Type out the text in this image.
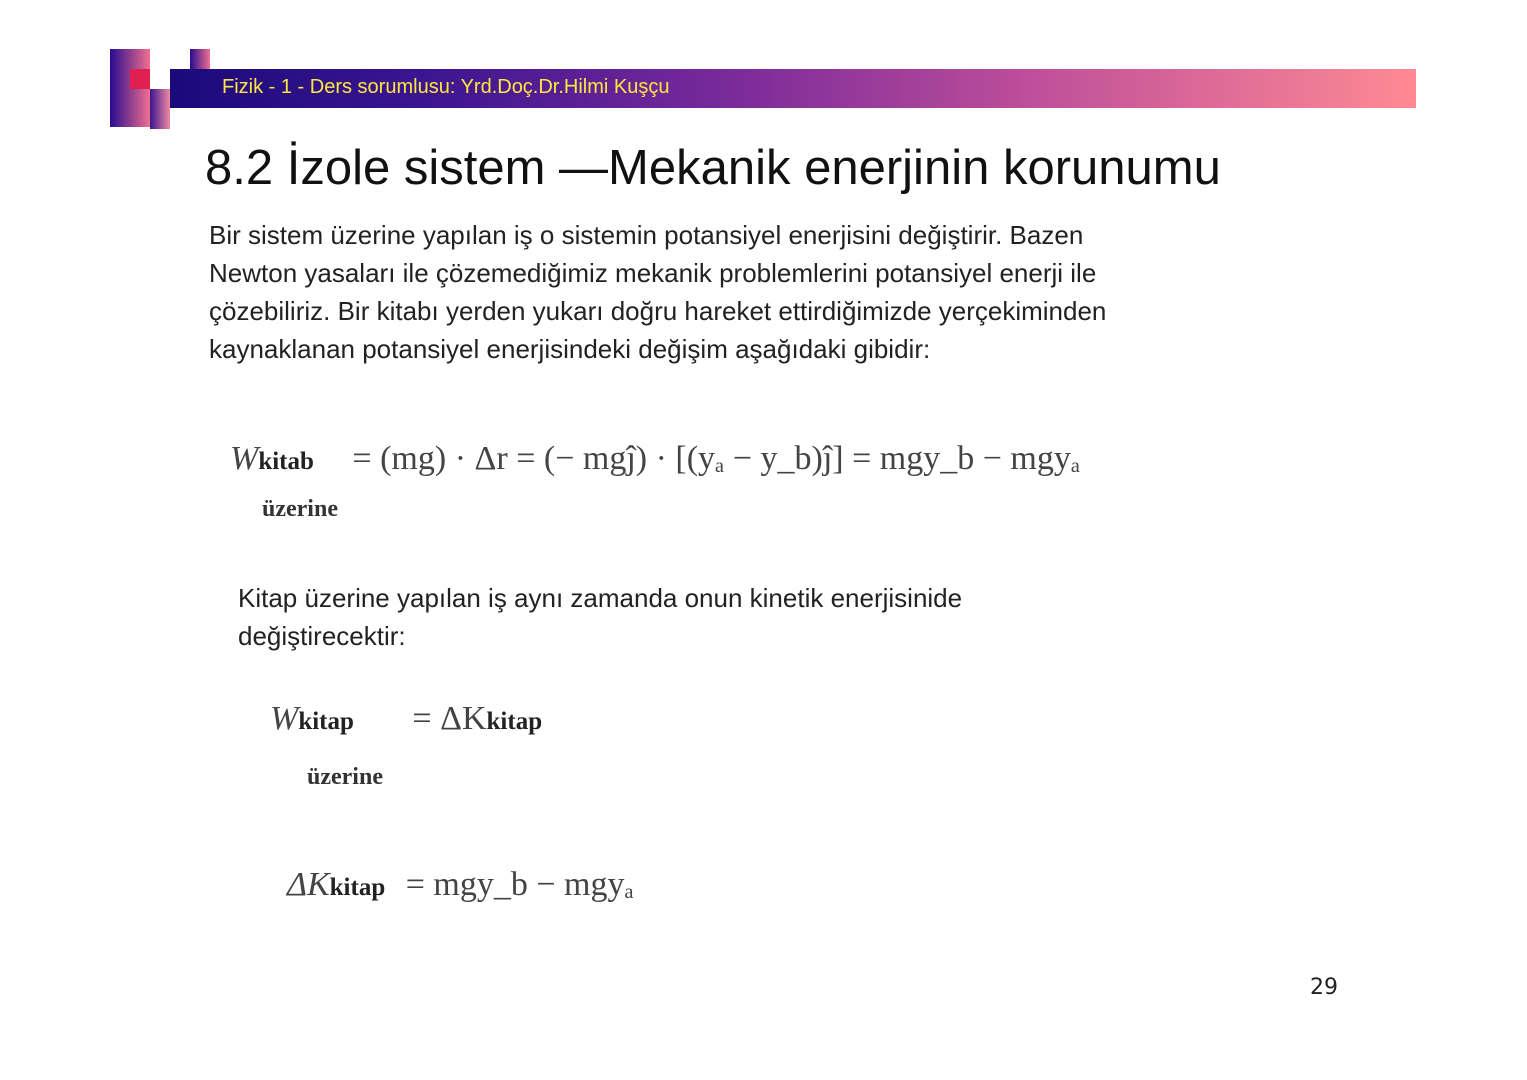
Fizik - 1 - Ders sorumlusu: Yrd.Doç.Dr.Hilmi Kuşçu
8.2 İzole sistem —Mekanik enerjinin korunumu
Bir sistem üzerine yapılan iş o sistemin potansiyel enerjisini değiştirir. Bazen
Newton yasaları ile çözemediğimiz mekanik problemlerini potansiyel enerji ile
çözebiliriz. Bir kitabı yerden yukarı doğru hareket ettirdiğimizde yerçekiminden
kaynaklanan potansiyel enerjisindeki değişim aşağıdaki gibidir:
Wkitab = (mg) · Δr = (− mgĵ) · [(yₐ − y_b)ĵ] = mgy_b − mgyₐ
üzerine
Kitap üzerine yapılan iş aynı zamanda onun kinetik enerjisinide
değiştirecektir:
Wkitap = ΔKkitap
üzerine
ΔKkitap = mgy_b − mgyₐ
29
